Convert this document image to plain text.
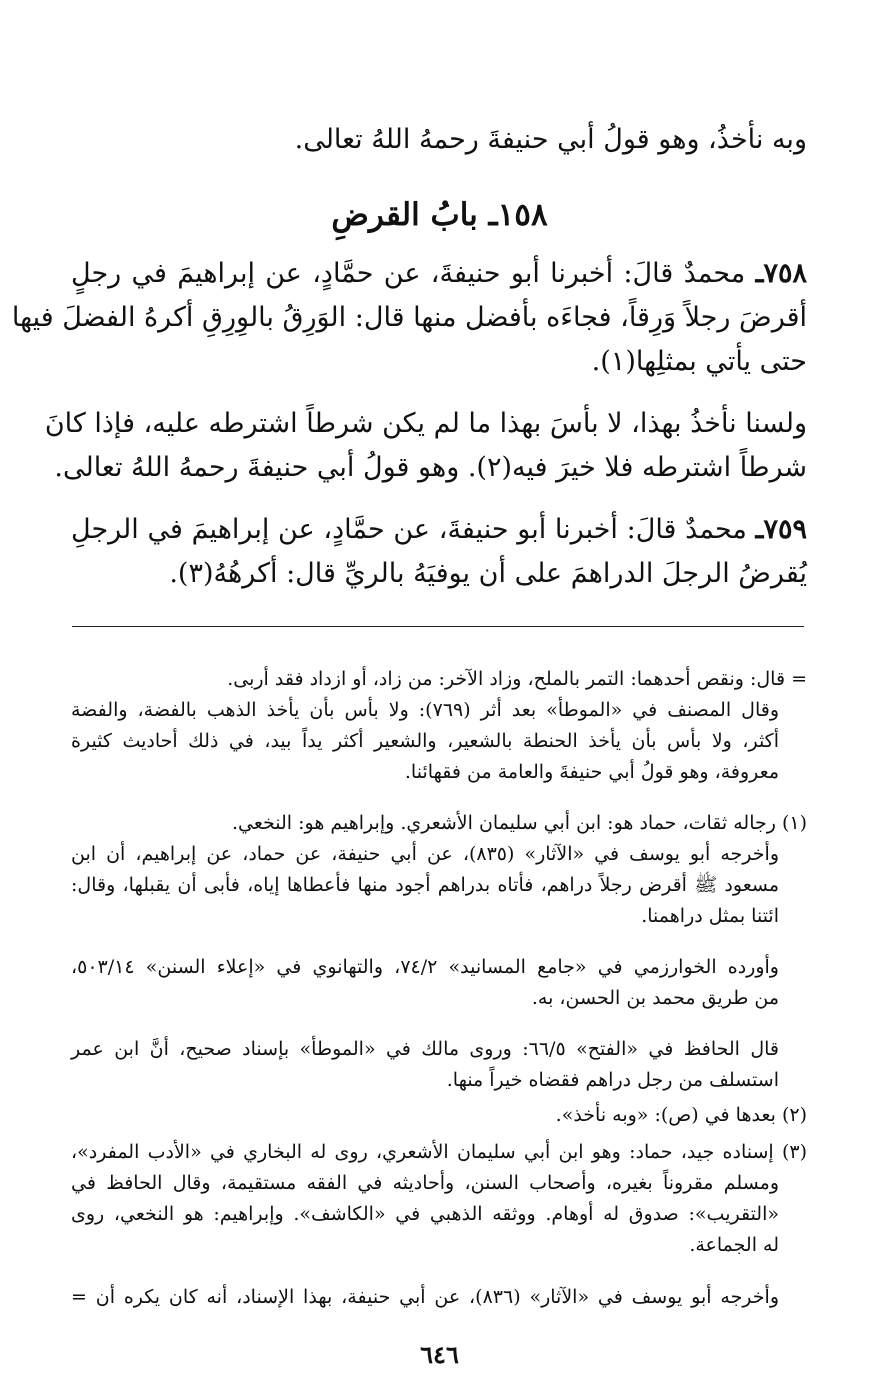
وبه نأخذُ، وهو قولُ أبي حنيفةَ رحمهُ اللهُ تعالى.
١٥٨ـ بابُ القرضِ
٧٥٨ـ محمدٌ قالَ: أخبرنا أبو حنيفةَ، عن حمَّادٍ، عن إبراهيمَ في رجلٍ
أقرضَ رجلاً وَرِقاً، فجاءَه بأفضل منها قال: الوَرِقُ بالوِرِقِ أكرهُ الفضلَ فيها
حتى يأتي بمثلِها(١).
ولسنا نأخذُ بهذا، لا بأسَ بهذا ما لم يكن شرطاً اشترطه عليه، فإذا كانَ
شرطاً اشترطه فلا خيرَ فيه(٢). وهو قولُ أبي حنيفةَ رحمهُ اللهُ تعالى.
٧٥٩ـ محمدٌ قالَ: أخبرنا أبو حنيفةَ، عن حمَّادٍ، عن إبراهيمَ في الرجلِ
يُقرضُ الرجلَ الدراهمَ على أن يوفيَهُ بالريِّ قال: أكرهُهُ(٣).
= قال: ونقص أحدهما: التمر بالملح، وزاد الآخر: من زاد، أو ازداد فقد أربى.
وقال المصنف في «الموطأ» بعد أثر (٧٦٩): ولا بأس بأن يأخذ الذهب بالفضة، والفضة
أكثر، ولا بأس بأن يأخذ الحنطة بالشعير، والشعير أكثر يداً بيد، في ذلك أحاديث كثيرة
معروفة، وهو قولُ أبي حنيفةَ والعامة من فقهائنا.
(١) رجاله ثقات، حماد هو: ابن أبي سليمان الأشعري. وإبراهيم هو: النخعي.
وأخرجه أبو يوسف في «الآثار» (٨٣٥)، عن أبي حنيفة، عن حماد، عن إبراهيم، أن ابن
مسعود ﷺ أقرض رجلاً دراهم، فأتاه بدراهم أجود منها فأعطاها إياه، فأبى أن يقبلها، وقال:
ائتنا بمثل دراهمنا.
وأورده الخوارزمي في «جامع المسانيد» ٧٤/٢، والتهانوي في «إعلاء السنن» ٥٠٣/١٤،
من طريق محمد بن الحسن، به.
قال الحافظ في «الفتح» ٦٦/٥: وروى مالك في «الموطأ» بإسناد صحيح، أنَّ ابن عمر
استسلف من رجل دراهم فقضاه خيراً منها.
(٢) بعدها في (ص): «وبه نأخذ».
(٣) إسناده جيد، حماد: وهو ابن أبي سليمان الأشعري، روى له البخاري في «الأدب المفرد»،
ومسلم مقروناً بغيره، وأصحاب السنن، وأحاديثه في الفقه مستقيمة، وقال الحافظ في
«التقريب»: صدوق له أوهام. ووثقه الذهبي في «الكاشف». وإبراهيم: هو النخعي، روى
له الجماعة.
وأخرجه أبو يوسف في «الآثار» (٨٣٦)، عن أبي حنيفة، بهذا الإسناد، أنه كان يكره أن =
٦٤٦
